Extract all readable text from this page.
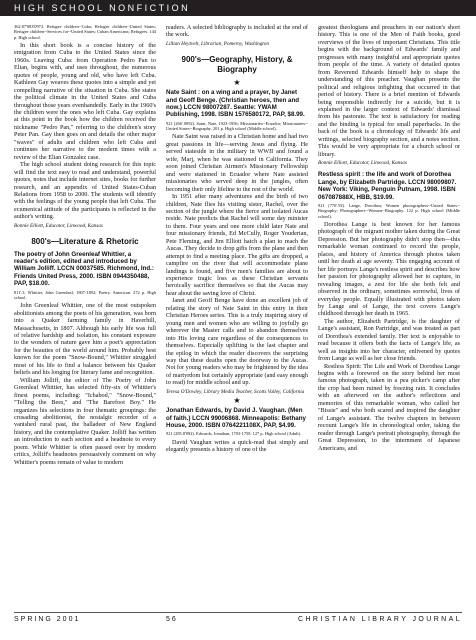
HIGH SCHOOL NONFICTION

362.87'083'0973. Refugee children--Cuba; Refugee children--United States; Refugee children--Services for--United States; Cuban Americans; Refugees. 144 p. High school.

In this short book is a concise history of the emigration from Cuba to the United States since the 1960s. Leaving Cuba: from Operation Pedro Pan to Elian, begins with, and uses throughout, the numerous quotes of people, young and old, who have left Cuba. Kathleen Gay weaves these quotes into a simple and yet compelling narrative of the situation in Cuba. She states the political climate in the United States and Cuba throughout those years evenhandedly. Early in the 1960's the children were the ones who left Cuba. Gay explains at this point in the book how the children received the nickname "Pedro Pan," referring to the children's story Peter Pan. Gay then goes on and details the other major "waves" of adults and children who left Cuba and continues her narrative to the modern times with a review of the Elian Gonzalez case.

The high school student doing research for this topic will find the text easy to read and understand, powerful quotes, notes that include internet sites, books for further research, and an appendix of United States-Cuban Relations from 1958 to 2000. The students will identify with the feelings of the young people that left Cuba. The ecumenical attitude of the participants is reflected in the author's writing.

Bonnie Elliott, Educator, Linwood, Kansas

800's—Literature & Rhetoric

The poetry of John Greenleaf Whittier, a reader's edition, edited and introduced by William Jolliff. LCCN 00037585. Richmond, Ind.: Friends United Press, 2000. ISBN 0944350488, PAP, $18.00.

811'.3. Whittier, John Greenleaf, 1807-1892; Poetry. American. 272 p. High school.

John Greenleaf Whittier, one of the most outspoken abolitionists among the poets of his generation, was born into a Quaker farming family in Haverhill, Massachusetts, in 1807. Although his early life was full of relative hardship and isolation, his constant exposure to the wonders of nature gave him a poet's appreciation for the beauties of the world around him. Probably best known for the poem "Snow-Bound," Whittier struggled most of his life to find a balance between his Quaker beliefs and his longing for literary fame and recognition.

William Jolliff, the editor of The Poetry of John Greenleaf Whittier, has selected fifty-six of Whittier's finest poems, including: "Ichabod," "Snow-Bound," "Telling the Bees," and "The Barefoot Boy." He organizes his selections in four thematic groupings: the crusading abolitionist, the nostalgic recorder of a vanished rural past, the balladeer of New England history, and the contemplative Quaker. Jolliff has written an introduction to each section and a headnote to every poem. While Whittier is often passed over by modern critics, Jolliff's headnotes persuasively comment on why Whittier's poems remain of value to modern

readers. A selected bibliography is included at the end of the work.

Lillian Heytvelt, Librarian, Pomeroy, Washington

900's—Geography, History, & Biography

★

Nate Saint : on a wing and a prayer, by Janet and Geoff Benge. (Christian heroes, then and now.) LCCN 98007287. Seattle: YWAM Publishing, 1998. ISBN 1576580172, PAP, $8.99.

921 (266'.0092). Saint, Nate, 1923-1956; Missionaries--Ecuador; Missionaries--United States--Biography. 201 p. High school (Middle school).

Nate Saint was raised in a Christian home and had two great passions in life—serving Jesus and flying. He served stateside in the military in WWII and found a wife, Marj, when he was stationed in California. They soon joined Christian Airmen's Missionary Fellowship and were stationed in Ecuador where Nate assisted missionaries who served deep in the jungles, often becoming their only lifeline to the rest of the world.

In 1951 after many adventures and the birth of two children, Nate flies his visiting sister, Rachel, over the section of the jungle where the fierce and isolated Aucas reside. Nate predicts that Rachel will some day minister to them. Four years and one more child later Nate and four missionary friends, Ed McCully, Roger Youderian, Pete Fleming, and Jim Elliott hatch a plan to reach the Aucas. They decide to drop gifts from the plane and then attempt to find a meeting place. The gifts are dropped, a campfire on the river that will accommodate plane landings is found, and five men's families are about to experience tragic loss as these Christian servants heroically sacrifice themselves so that the Aucas may hear about the saving love of Christ.

Janet and Geoff Benge have done an excellent job of relating the story of Nate Saint in this entry in their Christian Heroes series. This is a truly inspiring story of young men and women who are willing to joyfully go wherever the Master calls and to abandon themselves into His loving care regardless of the consequences to themselves. Especially uplifting is the last chapter and the epilog in which the reader discovers the surprising way that these deaths open the doorway to the Aucas. Not for young readers who may be frightened by the idea of martyrdom but certainly appropriate (and easy enough to read) for middle school and up.

Teresa O'Dowley, Library Media Teacher, Scotts Valley, California

★

Jonathan Edwards, by David J. Vaughan. (Men of faith.) LCCN 99006868. Minneapolis: Bethany House, 2000. ISBN 0764221108X, PAP, $4.99.

921 (285.8'092). Edwards, Jonathan, 1703-1758. 127 p. High school (Adult).

David Vaughan writes a quick-read that simply and elegantly presents a history of one of the

greatest theologians and preachers in our nation's short history. This is one of the Men of Faith books, good overviews of the lives of important Christians. This title begins with the background of Edwards' family and progresses with many insightful and appropriate quotes from people of the time. A variety of detailed quotes from Reverend Edwards himself help to shape the understanding of this preacher. Vaughan presents the political and religious infighting that occurred in that period of history. There is a brief mention of Edwards being responsible indirectly for a suicide, but it is explained in the larger context of Edwards' dismissal from his pastorate. The text is satisfactory for reading and the binding is typical for small paperbacks. In the back of the book is a chronology of Edwards' life and writings, selected biography section, and a notes section. This would be very appropriate for a church school or library.

Bonnie Elliott, Educator, Linwood, Kansas

Restless spirit : the life and work of Dorothea Lange, by Elizabeth Partridge. LCCN 98009807. New York: Viking, Penguin Putnam, 1998. ISBN 067087888X, HBB, $19.99.

921 (770'.92). Lange, Dorothea; Women photographers--United States--Biography; Photographers--Women--Biography. 122 p. High school (Middle school).

Dorothea Lange is best known for her famous photograph of the migrant mother taken during the Great Depression. But her photography didn't stop then—this remarkable woman continued to record the people, places, and history of America through photos taken until her death at age seventy. This engaging account of her life portrays Lange's restless spirit and describes how her passion for photography allowed her to capture, in revealing images, a zest for life she both felt and observed in the ordinary, sometimes sorrowful, lives of everyday people. Equally illustrated with photos taken by Lange and of Lange, the text covers Lange's childhood through her death in 1965.

The author, Elizabeth Partridge, is the daughter of Lange's assistant, Ron Partridge, and was treated as part of Dorothea's extended family. Her text is enjoyable to read because it offers both the facts of Lange's life, as well as insights into her character, enlivened by quotes from Lange as well as her close friends.

Restless Spirit: The Life and Work of Dorothea Lange begins with a foreword on the story behind her most famous photograph, taken in a pea picker's camp after the crop had been ruined by freezing rain. It concludes with an afterword on the author's reflections and memories of this remarkable woman, who called her "Bissie" and who both scared and inspired the daughter of Lange's assistant. The twelve chapters in between recount Lange's life in chronological order, taking the reader through Lange's portrait photography, through the Great Depression, to the internment of Japanese Americans, and

SPRING 2001	56	CHRISTIAN LIBRARY JOURNAL
